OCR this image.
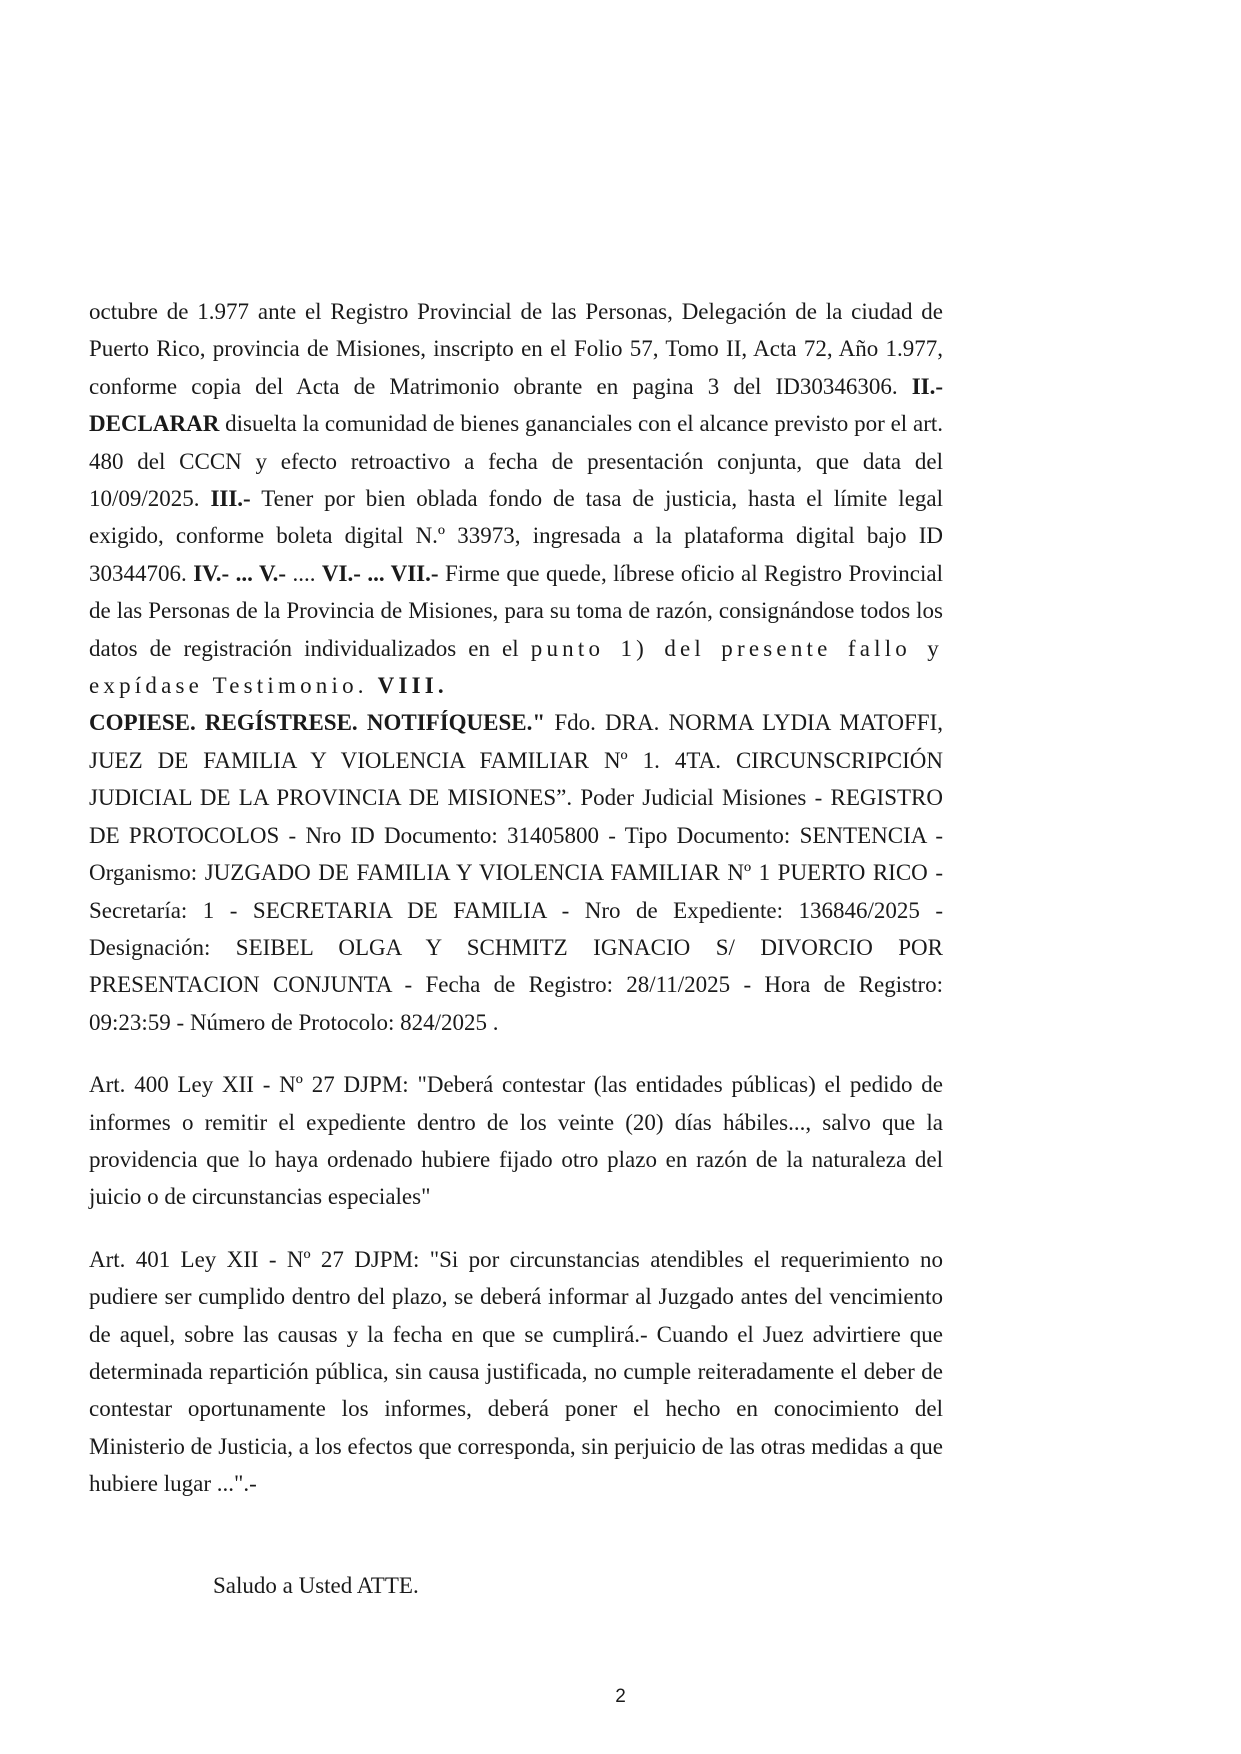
octubre de 1.977 ante el Registro Provincial de las Personas, Delegación de la ciudad de Puerto Rico, provincia de Misiones, inscripto en el Folio 57, Tomo II, Acta 72, Año 1.977, conforme copia del Acta de Matrimonio obrante en pagina 3 del ID30346306. II.- DECLARAR disuelta la comunidad de bienes gananciales con el alcance previsto por el art. 480 del CCCN y efecto retroactivo a fecha de presentación conjunta, que data del 10/09/2025. III.- Tener por bien oblada fondo de tasa de justicia, hasta el límite legal exigido, conforme boleta digital N.º 33973, ingresada a la plataforma digital bajo ID 30344706. IV.- ... V.- .... VI.- ... VII.- Firme que quede, líbrese oficio al Registro Provincial de las Personas de la Provincia de Misiones, para su toma de razón, consignándose todos los datos de registración individualizados en el punto 1) del presente fallo y expídase Testimonio. VIII.
COPIESE. REGÍSTRESE. NOTIFÍQUESE." Fdo. DRA. NORMA LYDIA MATOFFI, JUEZ DE FAMILIA Y VIOLENCIA FAMILIAR Nº 1. 4TA. CIRCUNSCRIPCIÓN JUDICIAL DE LA PROVINCIA DE MISIONES”. Poder Judicial Misiones - REGISTRO DE PROTOCOLOS - Nro ID Documento: 31405800 - Tipo Documento: SENTENCIA - Organismo: JUZGADO DE FAMILIA Y VIOLENCIA FAMILIAR Nº 1 PUERTO RICO - Secretaría: 1 - SECRETARIA DE FAMILIA - Nro de Expediente: 136846/2025 - Designación: SEIBEL OLGA Y SCHMITZ IGNACIO S/ DIVORCIO POR PRESENTACION CONJUNTA - Fecha de Registro: 28/11/2025 - Hora de Registro: 09:23:59 - Número de Protocolo: 824/2025 .

Art. 400 Ley XII - Nº 27 DJPM: "Deberá contestar (las entidades públicas) el pedido de informes o remitir el expediente dentro de los veinte (20) días hábiles..., salvo que la providencia que lo haya ordenado hubiere fijado otro plazo en razón de la naturaleza del juicio o de circunstancias especiales"

Art. 401 Ley XII - Nº 27 DJPM: "Si por circunstancias atendibles el requerimiento no pudiere ser cumplido dentro del plazo, se deberá informar al Juzgado antes del vencimiento de aquel, sobre las causas y la fecha en que se cumplirá.- Cuando el Juez advirtiere que determinada repartición pública, sin causa justificada, no cumple reiteradamente el deber de contestar oportunamente los informes, deberá poner el hecho en conocimiento del Ministerio de Justicia, a los efectos que corresponda, sin perjuicio de las otras medidas a que hubiere lugar ...".-

Saludo a Usted ATTE.

2
